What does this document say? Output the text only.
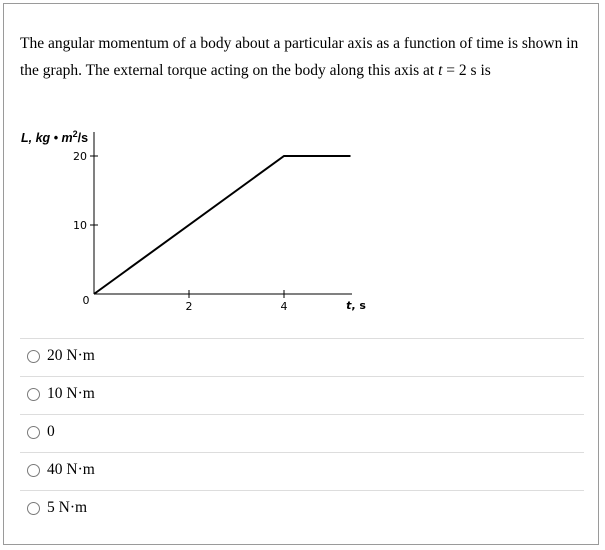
The angular momentum of a body about a particular axis as a function of time is shown in the graph. The external torque acting on the body along this axis at t = 2 s is
L, kg • $m^2/s$
10
20
2	4
0	t, s
20 N·m
10 N·m
0
40 N·m
5 N·m
